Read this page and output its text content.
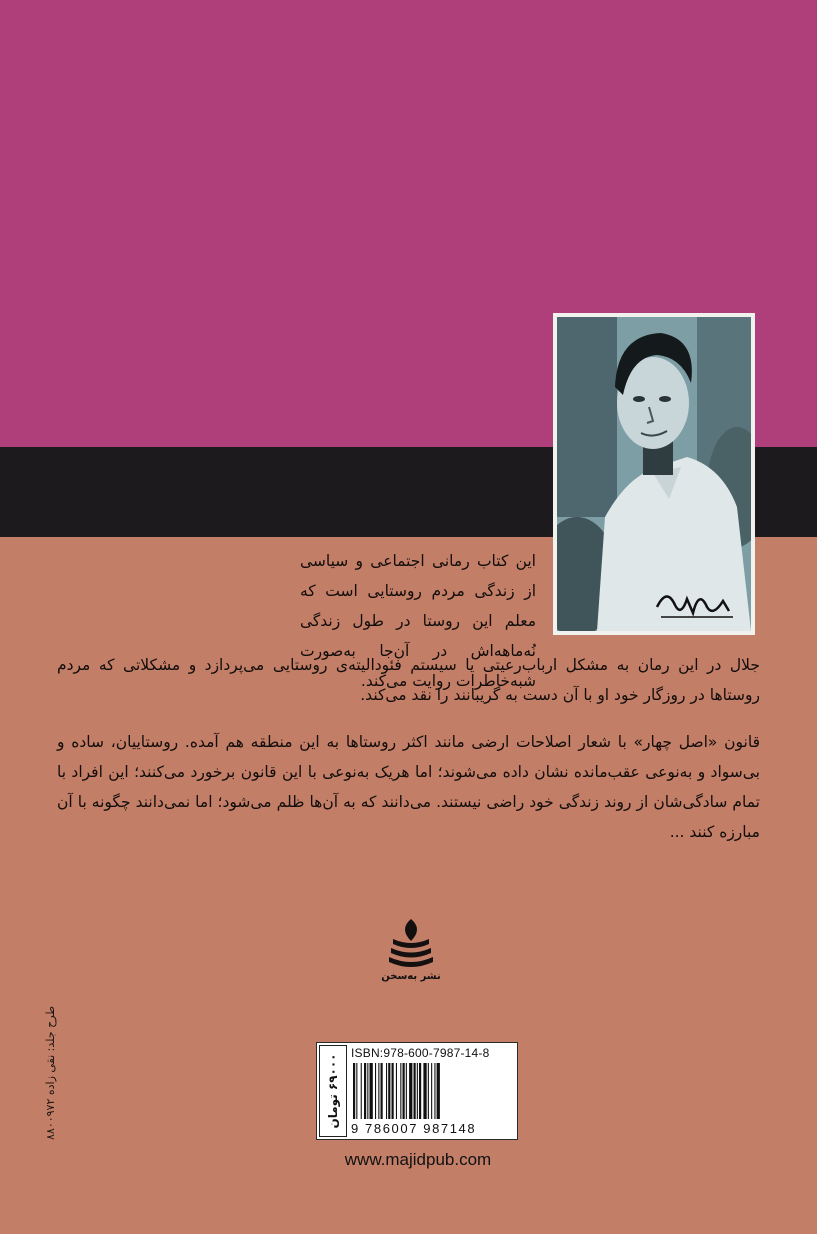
این کتاب رمانی اجتماعی و سیاسی از زندگی مردم روستایی است که معلم این روستا در طول زندگی نُه‌ماهه‌اش در آن‌جا به‌صورت شبه‌خاطرات روایت می‌کند.

جلال در این رمان به مشکل ارباب‌رعیتی یا سیستم فئودالیته‌ی روستایی می‌پردازد و مشکلاتی که مردم روستاها در روزگار خود او با آن دست به گریبانند را نقد می‌کند.

قانون «اصل چهار» با شعار اصلاحات ارضی مانند اکثر روستاها به این منطقه هم آمده. روستاییان، ساده و بی‌سواد و به‌نوعی عقب‌مانده نشان داده می‌شوند؛ اما هریک به‌نوعی با این قانون برخورد می‌کنند؛ این افراد با تمام سادگی‌شان از روند زندگی خود راضی نیستند. می‌دانند که به آن‌ها ظلم می‌شود؛ اما نمی‌دانند چگونه با آن مبارزه کنند ...

نشر به‌سخن
۶۹۰۰۰ تومان
ISBN:978-600-7987-14-8
9 786007 987148
www.majidpub.com
طرح جلد: نقی زاده ۸۸۰۰۹۷۲
